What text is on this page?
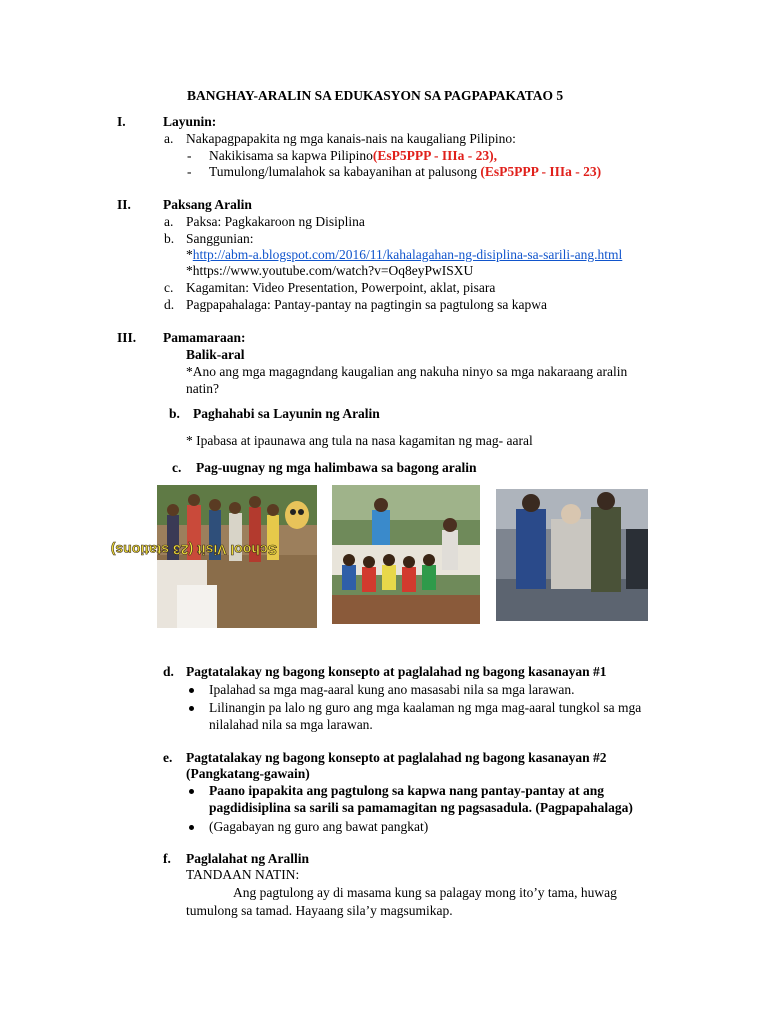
BANGHAY-ARALIN SA EDUKASYON SA PAGPAPAKATAO 5
I.	Layunin:
a. Nakapagpapakita ng mga kanais-nais na kaugaliang Pilipino:
- Nakikisama sa kapwa Pilipino(EsP5PPP - IIIa - 23),
- Tumulong/lumalahok sa kabayanihan at palusong (EsP5PPP - IIIa - 23)
II. Paksang Aralin
a. Paksa: Pagkakaroon ng Disiplina
b. Sanggunian:
*http://abm-a.blogspot.com/2016/11/kahalagahan-ng-disiplina-sa-sarili-ang.html
*https://www.youtube.com/watch?v=Oq8eyPwISXU
c. Kagamitan: Video Presentation, Powerpoint, aklat, pisara
d. Pagpapahalaga: Pantay-pantay na pagtingin sa pagtulong sa kapwa
III. Pamamaraan:
Balik-aral
*Ano ang mga magagndang kaugalian ang nakuha ninyo sa mga nakaraang aralin
natin?
b. Paghahabi sa Layunin ng Aralin
* Ipabasa at ipaunawa ang tula na nasa kagamitan ng mag- aaral
c. Pag-uugnay ng mga halimbawa sa bagong aralin
School Visit (23 stations)
d. Pagtatalakay ng bagong konsepto at paglalahad ng bagong kasanayan #1
Ipalahad sa mga mag-aaral kung ano masasabi nila sa mga larawan.
Lilinangin pa lalo ng guro ang mga kaalaman ng mga mag-aaral tungkol sa mga
nilalahad nila sa mga larawan.
e. Pagtatalakay ng bagong konsepto at paglalahad ng bagong kasanayan #2
(Pangkatang-gawain)
Paano ipapakita ang pagtulong sa kapwa nang pantay-pantay at ang
pagdidisiplina sa sarili sa pamamagitan ng pagsasadula. (Pagpapahalaga)
(Gagabayan ng guro ang bawat pangkat)
f. Paglalahat ng Arallin
TANDAAN NATIN:
Ang pagtulong ay di masama kung sa palagay mong ito’y tama, huwag
tumulong sa tamad. Hayaang sila’y magsumikap.
